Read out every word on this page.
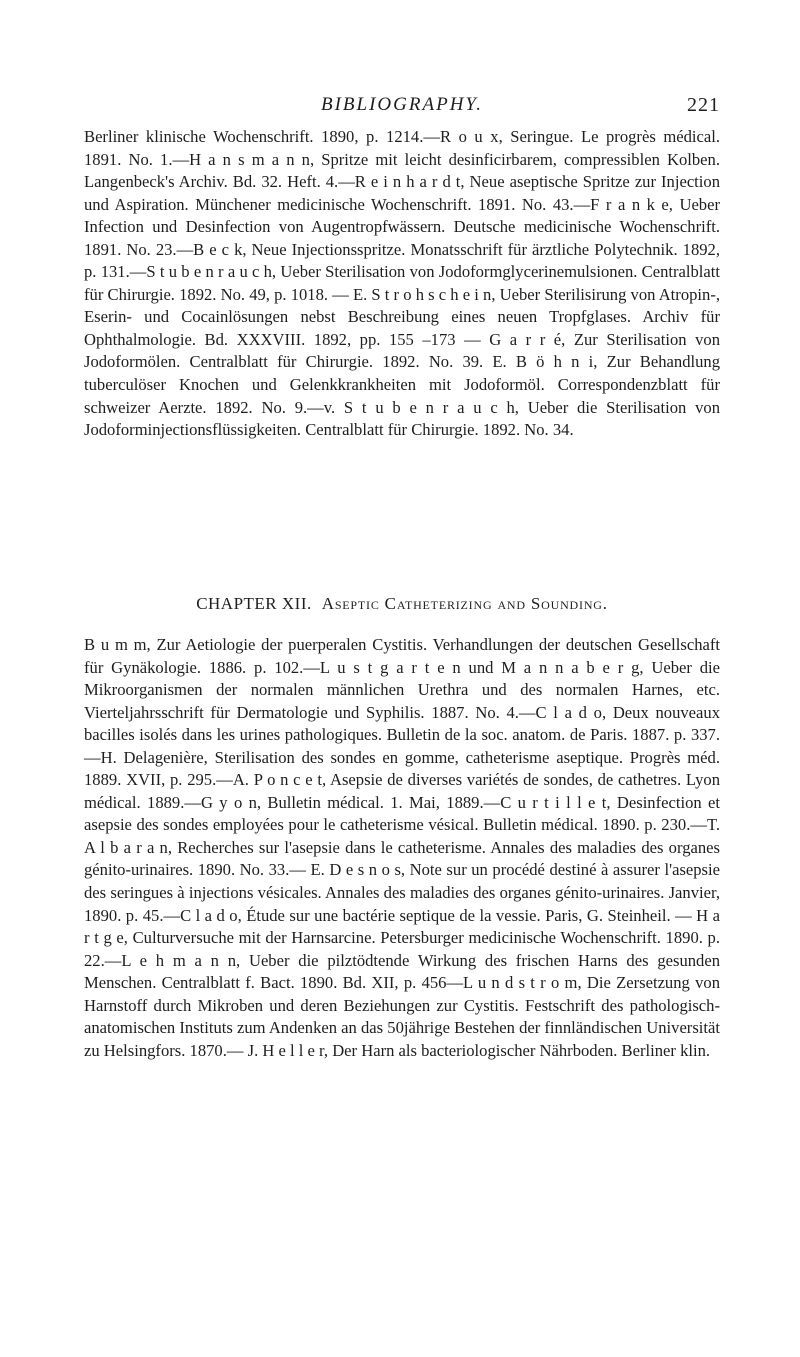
BIBLIOGRAPHY.	221

Berliner klinische Wochenschrift. 1890, p. 1214.—R o u x, Seringue. Le progrès médical. 1891. No. 1.—H a n s m a n n, Spritze mit leicht desinficirbarem, compressiblen Kolben. Langenbeck's Archiv. Bd. 32. Heft. 4.—R e i n h a r d t, Neue aseptische Spritze zur Injection und Aspiration. Münchener medicinische Wochenschrift. 1891. No. 43.—F r a n k e, Ueber Infection und Desinfection von Augentropfwässern. Deutsche medicinische Wochenschrift. 1891. No. 23.—B e c k, Neue Injectionsspritze. Monatsschrift für ärztliche Polytechnik. 1892, p. 131.—S t u b e n r a u c h, Ueber Sterilisation von Jodoformglycerinemulsionen. Centralblatt für Chirurgie. 1892. No. 49, p. 1018. — E. S t r o h s c h e i n, Ueber Sterilisirung von Atropin-, Eserin- und Cocainlösungen nebst Beschreibung eines neuen Tropfglases. Archiv für Ophthalmologie. Bd. XXXVIII. 1892, pp. 155 –173 — G a r r é, Zur Sterilisation von Jodoformölen. Centralblatt für Chirurgie. 1892. No. 39. E. B ö h n i, Zur Behandlung tuberculöser Knochen und Gelenkkrankheiten mit Jodoformöl. Correspondenzblatt für schweizer Aerzte. 1892. No. 9.—v. S t u b e n r a u c h, Ueber die Sterilisation von Jodoforminjectionsflüssigkeiten. Centralblatt für Chirurgie. 1892. No. 34.

CHAPTER XII. Aseptic Catheterizing and Sounding.

B u m m, Zur Aetiologie der puerperalen Cystitis. Verhandlungen der deutschen Gesellschaft für Gynäkologie. 1886. p. 102.—L u s t g a r t e n und M a n n a b e r g, Ueber die Mikroorganismen der normalen männlichen Urethra und des normalen Harnes, etc. Vierteljahrsschrift für Dermatologie und Syphilis. 1887. No. 4.—C l a d o, Deux nouveaux bacilles isolés dans les urines pathologiques. Bulletin de la soc. anatom. de Paris. 1887. p. 337.—H. Delagenière, Sterilisation des sondes en gomme, catheterisme aseptique. Progrès méd. 1889. XVII, p. 295.—A. P o n c e t, Asepsie de diverses variétés de sondes, de cathetres. Lyon médical. 1889.—G y o n, Bulletin médical. 1. Mai, 1889.—C u r t i l l e t, Desinfection et asepsie des sondes employées pour le catheterisme vésical. Bulletin médical. 1890. p. 230.—T. A l b a r a n, Recherches sur l'asepsie dans le catheterisme. Annales des maladies des organes génito-urinaires. 1890. No. 33.— E. D e s n o s, Note sur un procédé destiné à assurer l'asepsie des seringues à injections vésicales. Annales des maladies des organes génito-urinaires. Janvier, 1890. p. 45.—C l a d o, Étude sur une bactérie septique de la vessie. Paris, G. Steinheil. — H a r t g e, Culturversuche mit der Harnsarcine. Petersburger medicinische Wochenschrift. 1890. p. 22.—L e h m a n n, Ueber die pilztödtende Wirkung des frischen Harns des gesunden Menschen. Centralblatt f. Bact. 1890. Bd. XII, p. 456—L u n d s t r o m, Die Zersetzung von Harnstoff durch Mikroben und deren Beziehungen zur Cystitis. Festschrift des pathologisch-anatomischen Instituts zum Andenken an das 50jährige Bestehen der finnländischen Universität zu Helsingfors. 1870.— J. H e l l e r, Der Harn als bacteriologischer Nährboden. Berliner klin.
